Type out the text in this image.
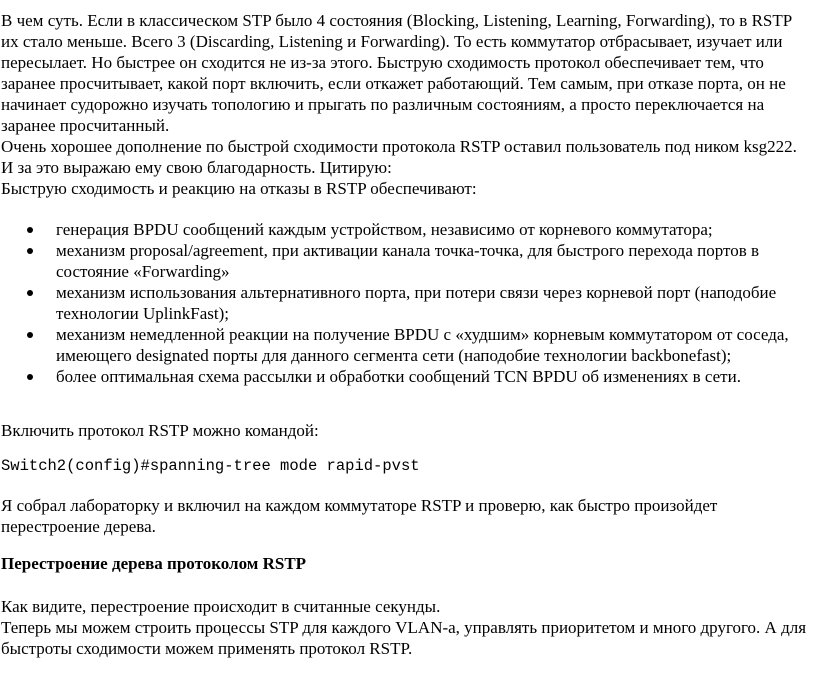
В чем суть. Если в классическом STP было 4 состояния (Blocking, Listening, Learning, Forwarding), то в RSTP
их стало меньше. Всего 3 (Discarding, Listening и Forwarding). То есть коммутатор отбрасывает, изучает или
пересылает. Но быстрее он сходится не из-за этого. Быструю сходимость протокол обеспечивает тем, что
заранее просчитывает, какой порт включить, если откажет работающий. Тем самым, при отказе порта, он не
начинает судорожно изучать топологию и прыгать по различным состояниям, а просто переключается на
заранее просчитанный.
Очень хорошее дополнение по быстрой сходимости протокола RSTP оставил пользователь под ником ksg222.
И за это выражаю ему свою благодарность. Цитирую:
Быструю сходимость и реакцию на отказы в RSTP обеспечивают:

генерация BPDU сообщений каждым устройством, независимо от корневого коммутатора;
механизм proposal/agreement, при активации канала точка-точка, для быстрого перехода портов в
состояние «Forwarding»
механизм использования альтернативного порта, при потери связи через корневой порт (наподобие
технологии UplinkFast);
механизм немедленной реакции на получение BPDU с «худшим» корневым коммутатором от соседа,
имеющего designated порты для данного сегмента сети (наподобие технологии backbonefast);
более оптимальная схема рассылки и обработки сообщений TCN BPDU об изменениях в сети.

Включить протокол RSTP можно командой:

Switch2(config)#spanning-tree mode rapid-pvst

Я собрал лабораторку и включил на каждом коммутаторе RSTP и проверю, как быстро произойдет
перестроение дерева.

Перестроение дерева протоколом RSTP

Как видите, перестроение происходит в считанные секунды.
Теперь мы можем строить процессы STP для каждого VLAN-а, управлять приоритетом и много другого. А для
быстроты сходимости можем применять протокол RSTP.
